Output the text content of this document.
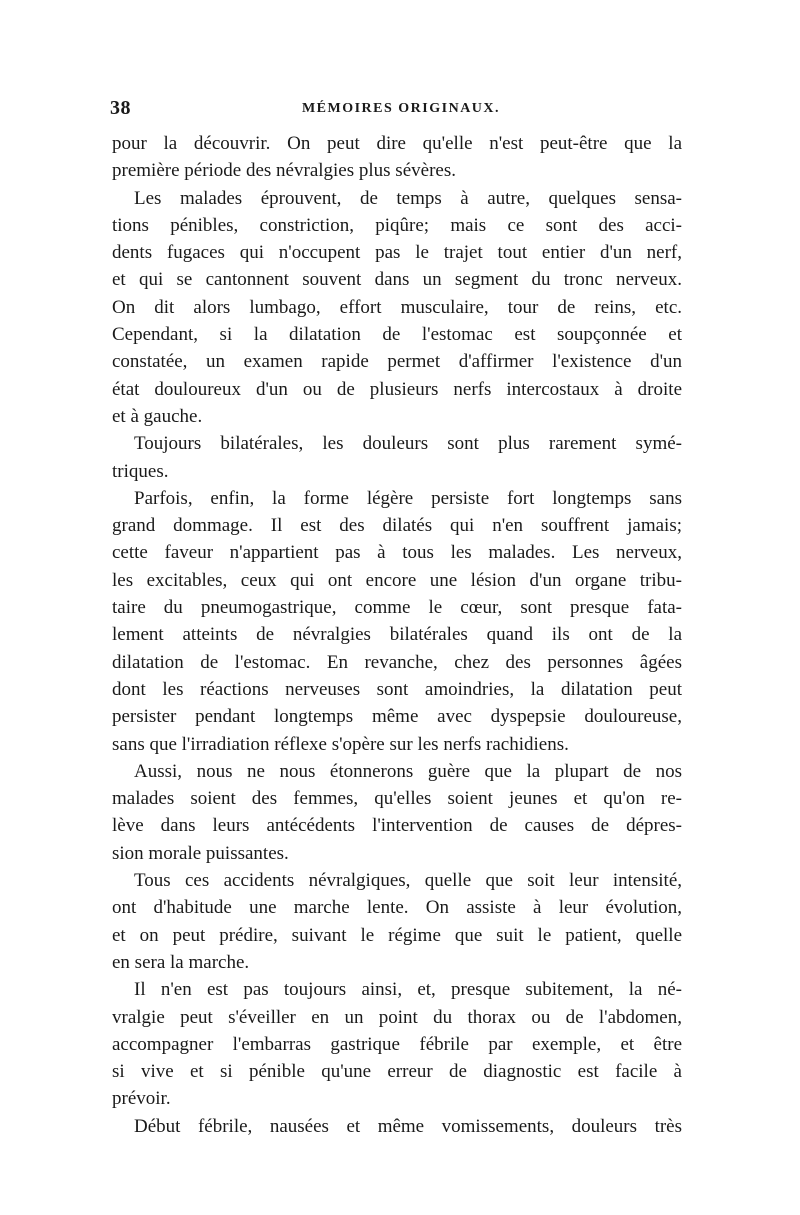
38	MÉMOIRES ORIGINAUX.
pour la découvrir. On peut dire qu'elle n'est peut-être que la
première période des névralgies plus sévères.
Les malades éprouvent, de temps à autre, quelques sensa-
tions pénibles, constriction, piqûre; mais ce sont des acci-
dents fugaces qui n'occupent pas le trajet tout entier d'un nerf,
et qui se cantonnent souvent dans un segment du tronc nerveux.
On dit alors lumbago, effort musculaire, tour de reins, etc.
Cependant, si la dilatation de l'estomac est soupçonnée et
constatée, un examen rapide permet d'affirmer l'existence d'un
état douloureux d'un ou de plusieurs nerfs intercostaux à droite
et à gauche.
Toujours bilatérales, les douleurs sont plus rarement symé-
triques.
Parfois, enfin, la forme légère persiste fort longtemps sans
grand dommage. Il est des dilatés qui n'en souffrent jamais;
cette faveur n'appartient pas à tous les malades. Les nerveux,
les excitables, ceux qui ont encore une lésion d'un organe tribu-
taire du pneumogastrique, comme le cœur, sont presque fata-
lement atteints de névralgies bilatérales quand ils ont de la
dilatation de l'estomac. En revanche, chez des personnes âgées
dont les réactions nerveuses sont amoindries, la dilatation peut
persister pendant longtemps même avec dyspepsie douloureuse,
sans que l'irradiation réflexe s'opère sur les nerfs rachidiens.
Aussi, nous ne nous étonnerons guère que la plupart de nos
malades soient des femmes, qu'elles soient jeunes et qu'on re-
lève dans leurs antécédents l'intervention de causes de dépres-
sion morale puissantes.
Tous ces accidents névralgiques, quelle que soit leur intensité,
ont d'habitude une marche lente. On assiste à leur évolution,
et on peut prédire, suivant le régime que suit le patient, quelle
en sera la marche.
Il n'en est pas toujours ainsi, et, presque subitement, la né-
vralgie peut s'éveiller en un point du thorax ou de l'abdomen,
accompagner l'embarras gastrique fébrile par exemple, et être
si vive et si pénible qu'une erreur de diagnostic est facile à
prévoir.
Début fébrile, nausées et même vomissements, douleurs très
